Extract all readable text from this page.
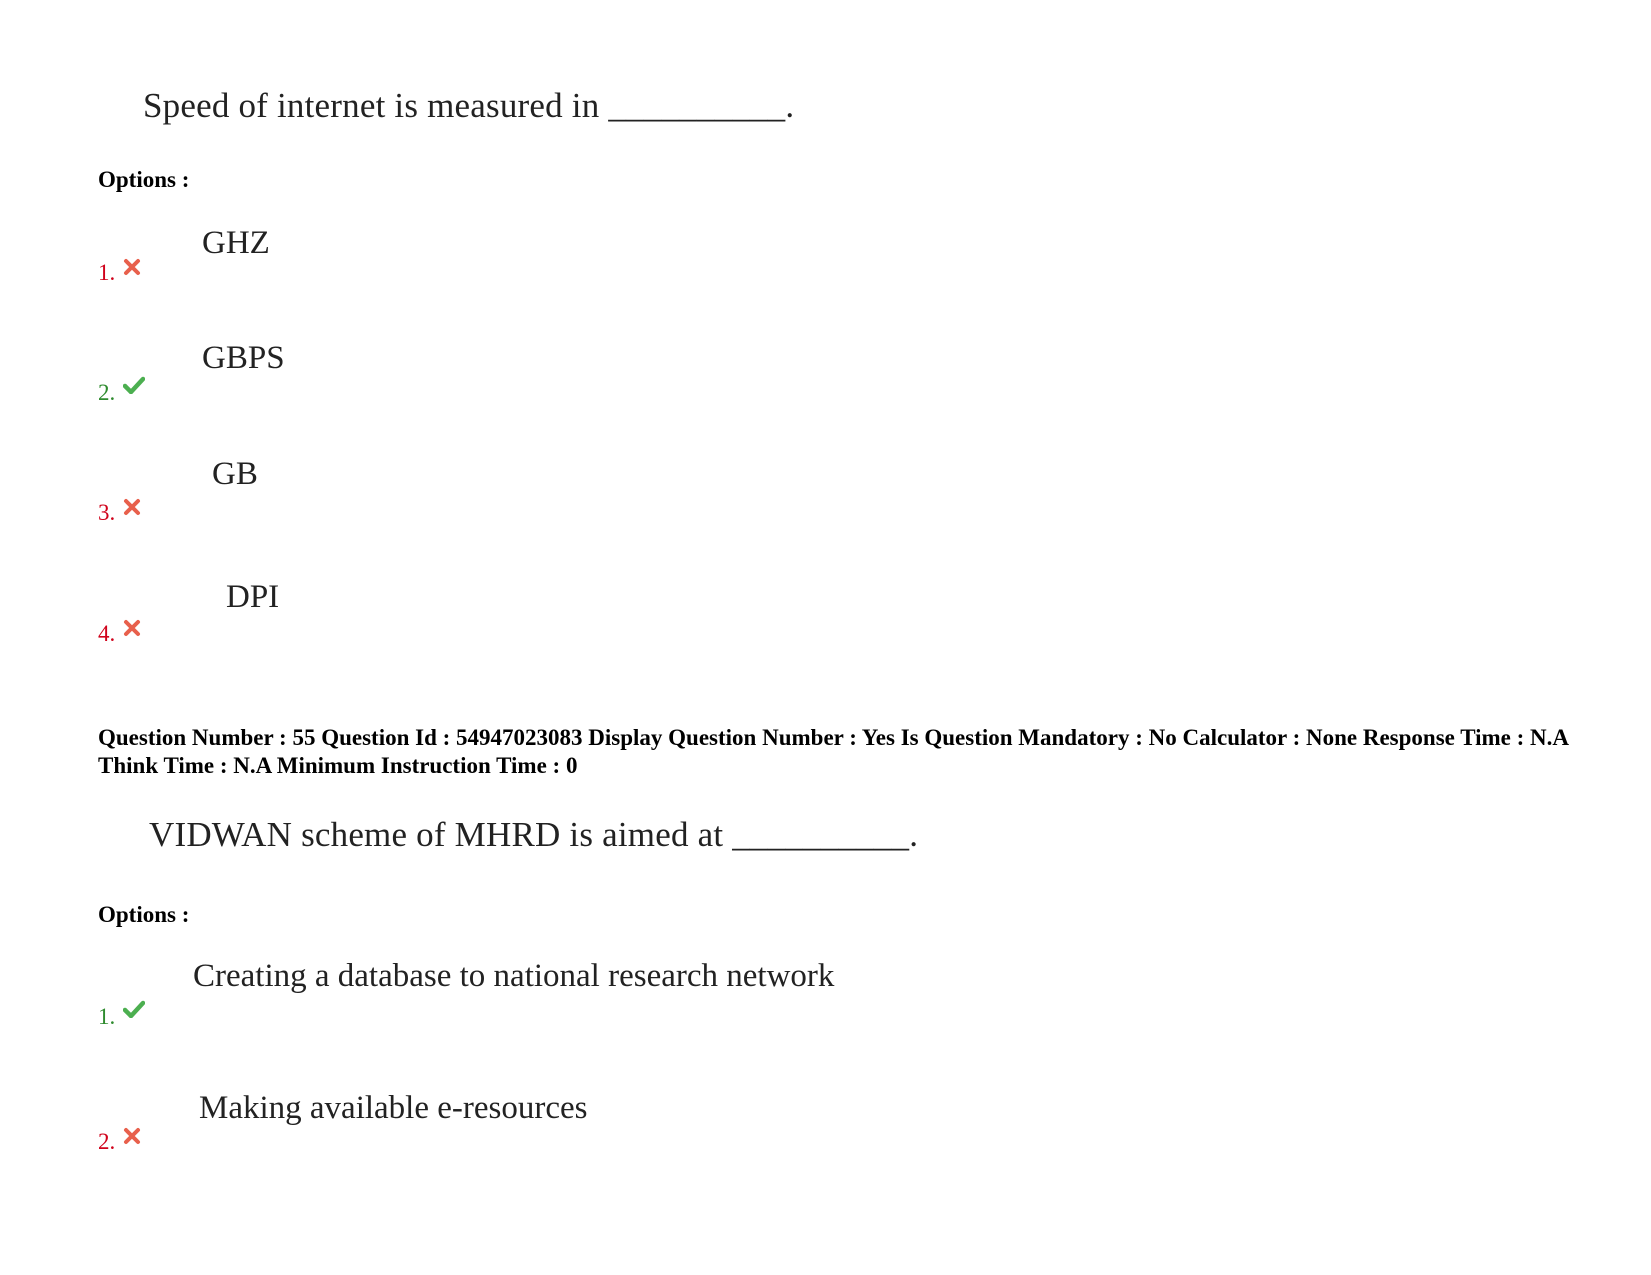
Speed of internet is measured in __________.
Options :
GHZ
1.
GBPS
2.
GB
3.
DPI
4.
Question Number : 55 Question Id : 54947023083 Display Question Number : Yes Is Question Mandatory : No Calculator : None Response Time : N.A Think Time : N.A Minimum Instruction Time : 0
VIDWAN scheme of MHRD is aimed at __________.
Options :
Creating a database to national research network
1.
Making available e-resources
2.
